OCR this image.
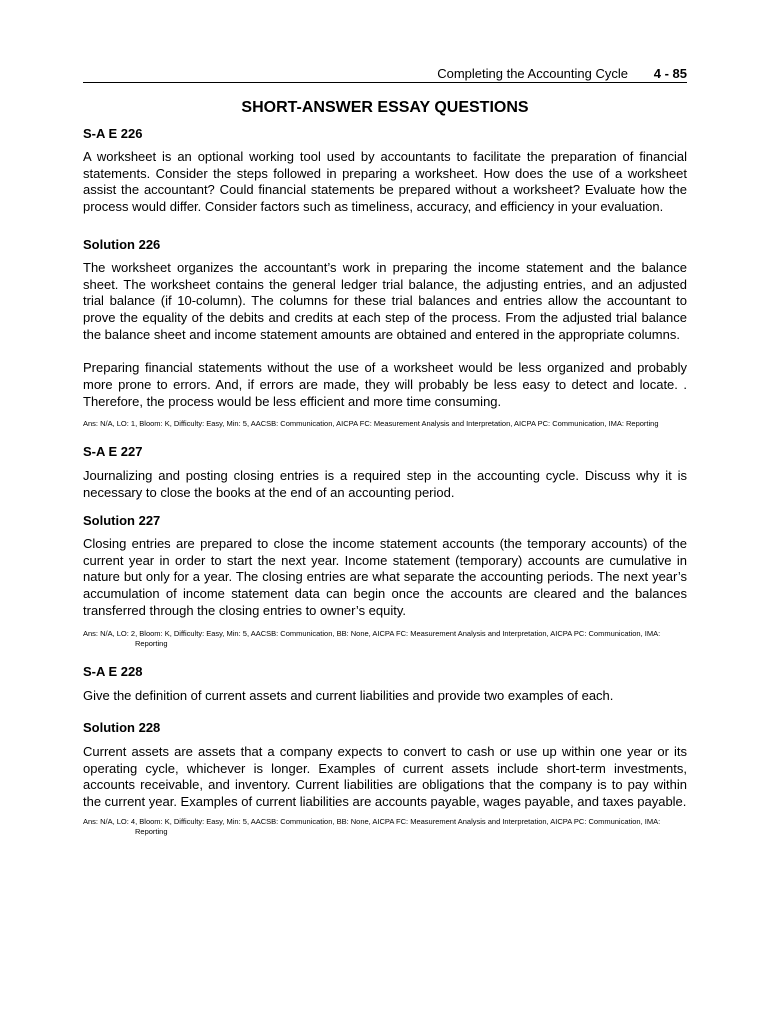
Completing the Accounting Cycle 4 - 85
SHORT-ANSWER ESSAY QUESTIONS

S-A E 226

A worksheet is an optional working tool used by accountants to facilitate the preparation of financial statements. Consider the steps followed in preparing a worksheet. How does the use of a worksheet assist the accountant? Could financial statements be prepared without a worksheet? Evaluate how the process would differ. Consider factors such as timeliness, accuracy, and efficiency in your evaluation.

Solution 226

The worksheet organizes the accountant’s work in preparing the income statement and the balance sheet. The worksheet contains the general ledger trial balance, the adjusting entries, and an adjusted trial balance (if 10-column). The columns for these trial balances and entries allow the accountant to prove the equality of the debits and credits at each step of the process. From the adjusted trial balance the balance sheet and income statement amounts are obtained and entered in the appropriate columns.

Preparing financial statements without the use of a worksheet would be less organized and probably more prone to errors. And, if errors are made, they will probably be less easy to detect and locate. . Therefore, the process would be less efficient and more time consuming.

Ans: N/A, LO: 1, Bloom: K, Difficulty: Easy, Min: 5, AACSB: Communication, AICPA FC: Measurement Analysis and Interpretation, AICPA PC: Communication, IMA: Reporting

S-A E 227

Journalizing and posting closing entries is a required step in the accounting cycle. Discuss why it is necessary to close the books at the end of an accounting period.

Solution 227

Closing entries are prepared to close the income statement accounts (the temporary accounts) of the current year in order to start the next year. Income statement (temporary) accounts are cumulative in nature but only for a year. The closing entries are what separate the accounting periods. The next year’s accumulation of income statement data can begin once the accounts are cleared and the balances transferred through the closing entries to owner’s equity.

Ans: N/A, LO: 2, Bloom: K, Difficulty: Easy, Min: 5, AACSB: Communication, BB: None, AICPA FC: Measurement Analysis and Interpretation, AICPA PC: Communication, IMA: Reporting

S-A E 228

Give the definition of current assets and current liabilities and provide two examples of each.

Solution 228

Current assets are assets that a company expects to convert to cash or use up within one year or its operating cycle, whichever is longer. Examples of current assets include short-term investments, accounts receivable, and inventory. Current liabilities are obligations that the company is to pay within the current year. Examples of current liabilities are accounts payable, wages payable, and taxes payable.

Ans: N/A, LO: 4, Bloom: K, Difficulty: Easy, Min: 5, AACSB: Communication, BB: None, AICPA FC: Measurement Analysis and Interpretation, AICPA PC: Communication, IMA: Reporting
